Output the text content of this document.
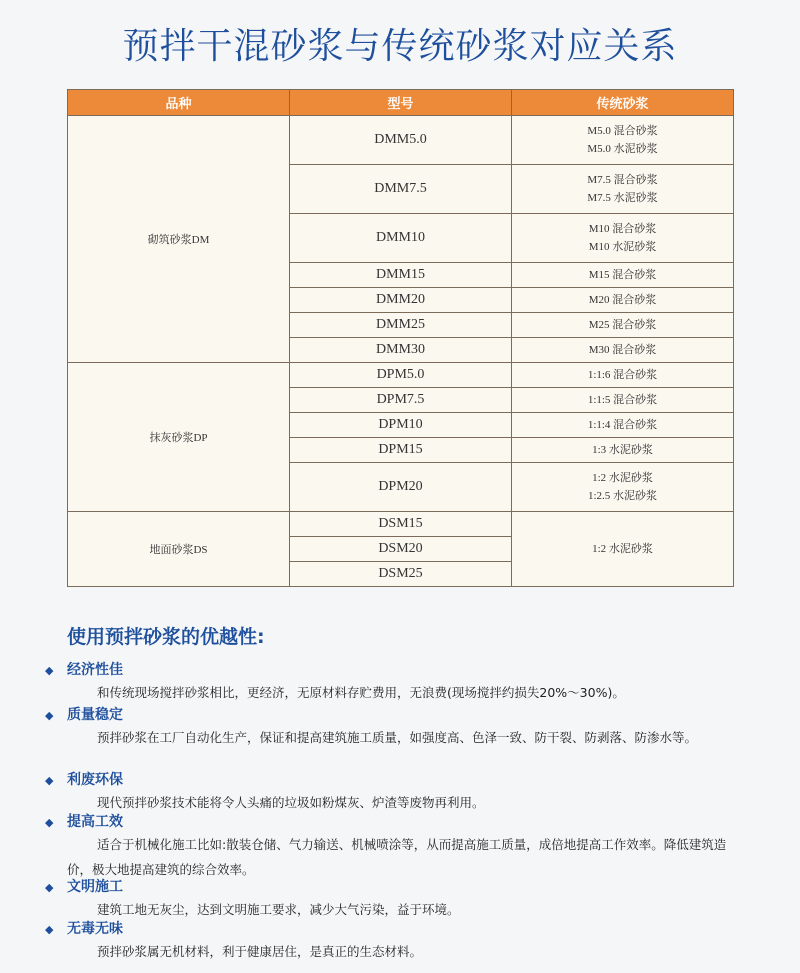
预拌干混砂浆与传统砂浆对应关系
品种	型号	传统砂浆
砌筑砂浆DM	DMM5.0	M5.0 混合砂浆
M5.0 水泥砂浆

	DMM7.5	M7.5 混合砂浆
M7.5 水泥砂浆

	DMM10	M10 混合砂浆
M10 水泥砂浆

	DMM15	M15 混合砂浆

	DMM20	M20 混合砂浆

	DMM25	M25 混合砂浆

	DMM30	M30 混合砂浆

抹灰砂浆DP	DPM5.0	1:1:6 混合砂浆

	DPM7.5	1:1:5 混合砂浆

	DPM10	1:1:4 混合砂浆

	DPM15	1:3 水泥砂浆

	DPM20	1:2 水泥砂浆
1:2.5 水泥砂浆

地面砂浆DS	DSM15	1:2 水泥砂浆

	DSM20	
	DSM25	
使用预拌砂浆的优越性:
◆ 经济性佳
和传统现场搅拌砂浆相比，更经济，无原材料存贮费用，无浪费(现场搅拌约损失20%～30%)。
◆ 质量稳定
预拌砂浆在工厂自动化生产，保证和提高建筑施工质量，如强度高、色泽一致、防干裂、防剥落、防渗水等。
◆ 利废环保
现代预拌砂浆技术能将令人头痛的垃圾如粉煤灰、炉渣等废物再利用。
◆ 提高工效
适合于机械化施工比如:散装仓储、气力输送、机械喷涂等，从而提高施工质量，成倍地提高工作效率。降低建筑造价，极大地提高建筑的综合效率。
◆ 文明施工
建筑工地无灰尘，达到文明施工要求，减少大气污染，益于环境。
◆ 无毒无味
预拌砂浆属无机材料，利于健康居住，是真正的生态材料。
